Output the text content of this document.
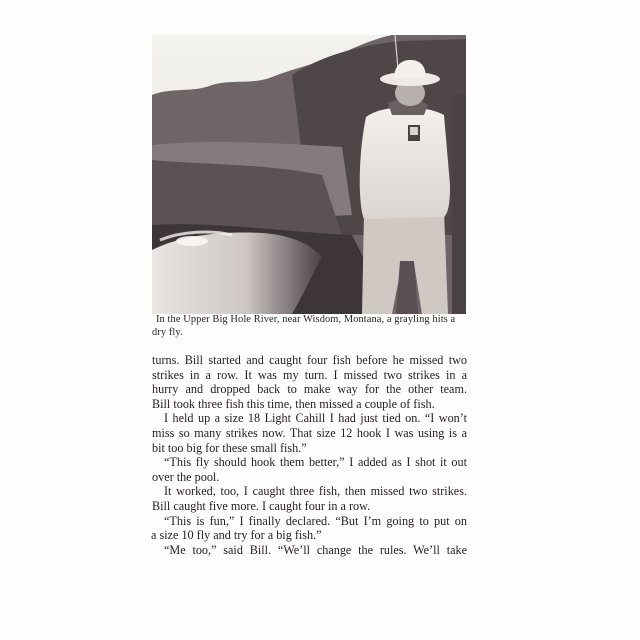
In the Upper Big Hole River, near Wisdom, Montana, a grayling hits a
dry fly.
turns. Bill started and caught four fish before he missed two
strikes in a row. It was my turn. I missed two strikes in a
hurry and dropped back to make way for the other team.
Bill took three fish this time, then missed a couple of fish.
I held up a size 18 Light Cahill I had just tied on. “I won’t
miss so many strikes now. That size 12 hook I was using is a
bit too big for these small fish.”
“This fly should hook them better,” I added as I shot it out
over the pool.
It worked, too, I caught three fish, then missed two strikes.
Bill caught five more. I caught four in a row.
“This is fun,” I finally declared. “But I’m going to put on
a size 10 fly and try for a big fish.”
“Me too,” said Bill. “We’ll change the rules. We’ll take
